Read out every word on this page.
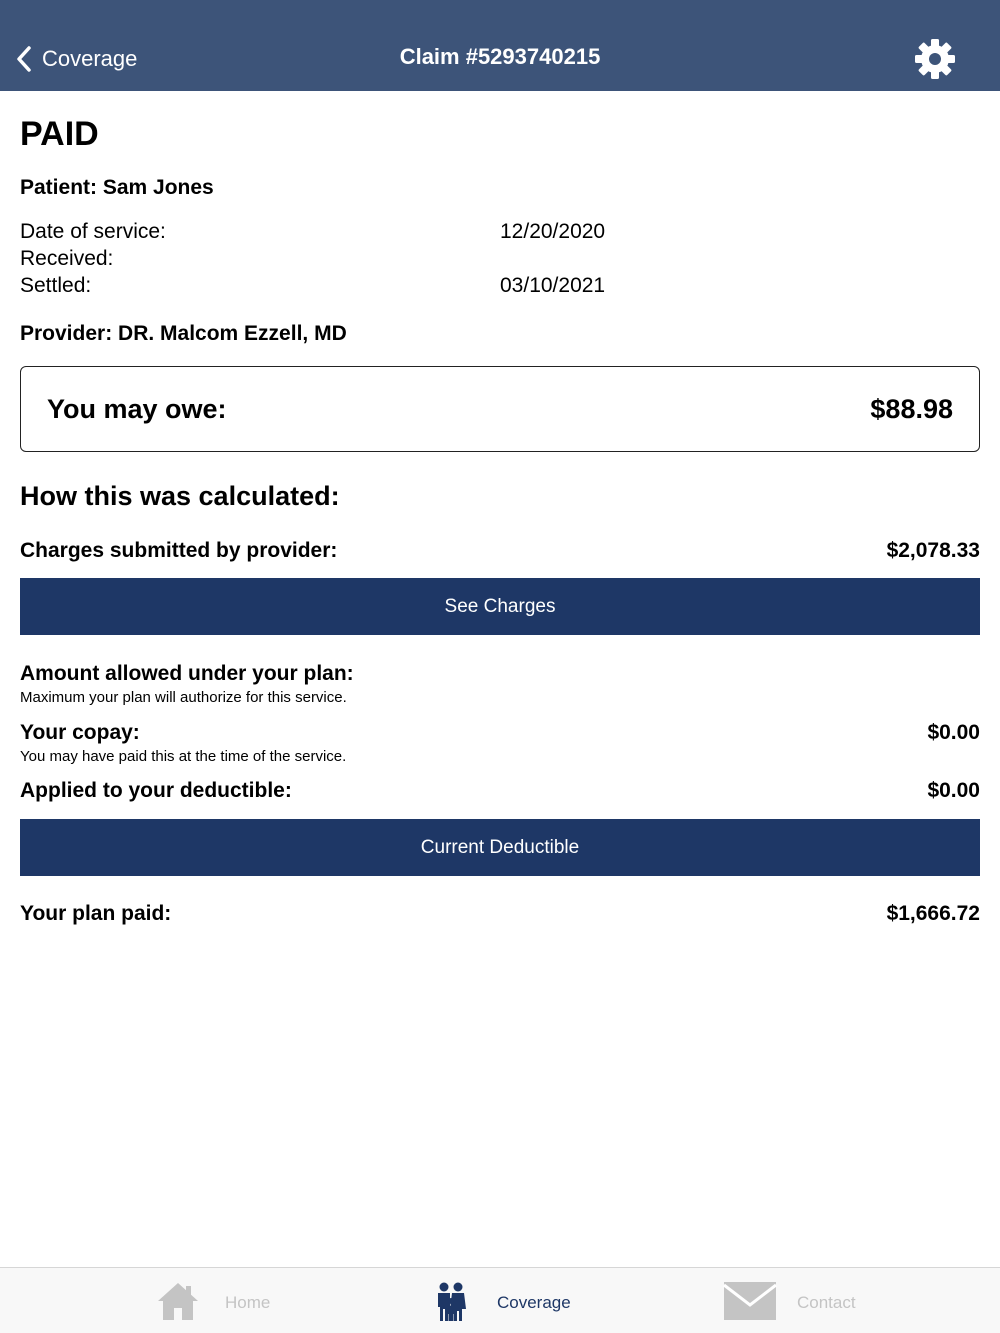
Coverage	Claim #5293740215
PAID
Patient: Sam Jones
Date of service:	12/20/2020
Received:
Settled:	03/10/2021
Provider: DR. Malcom Ezzell, MD
You may owe:	$88.98
How this was calculated:
Charges submitted by provider:	$2,078.33
See Charges
Amount allowed under your plan:
Maximum your plan will authorize for this service.
Your copay:	$0.00
You may have paid this at the time of the service.
Applied to your deductible:	$0.00
Current Deductible
Your plan paid:	$1,666.72
Home	Coverage	Contact
